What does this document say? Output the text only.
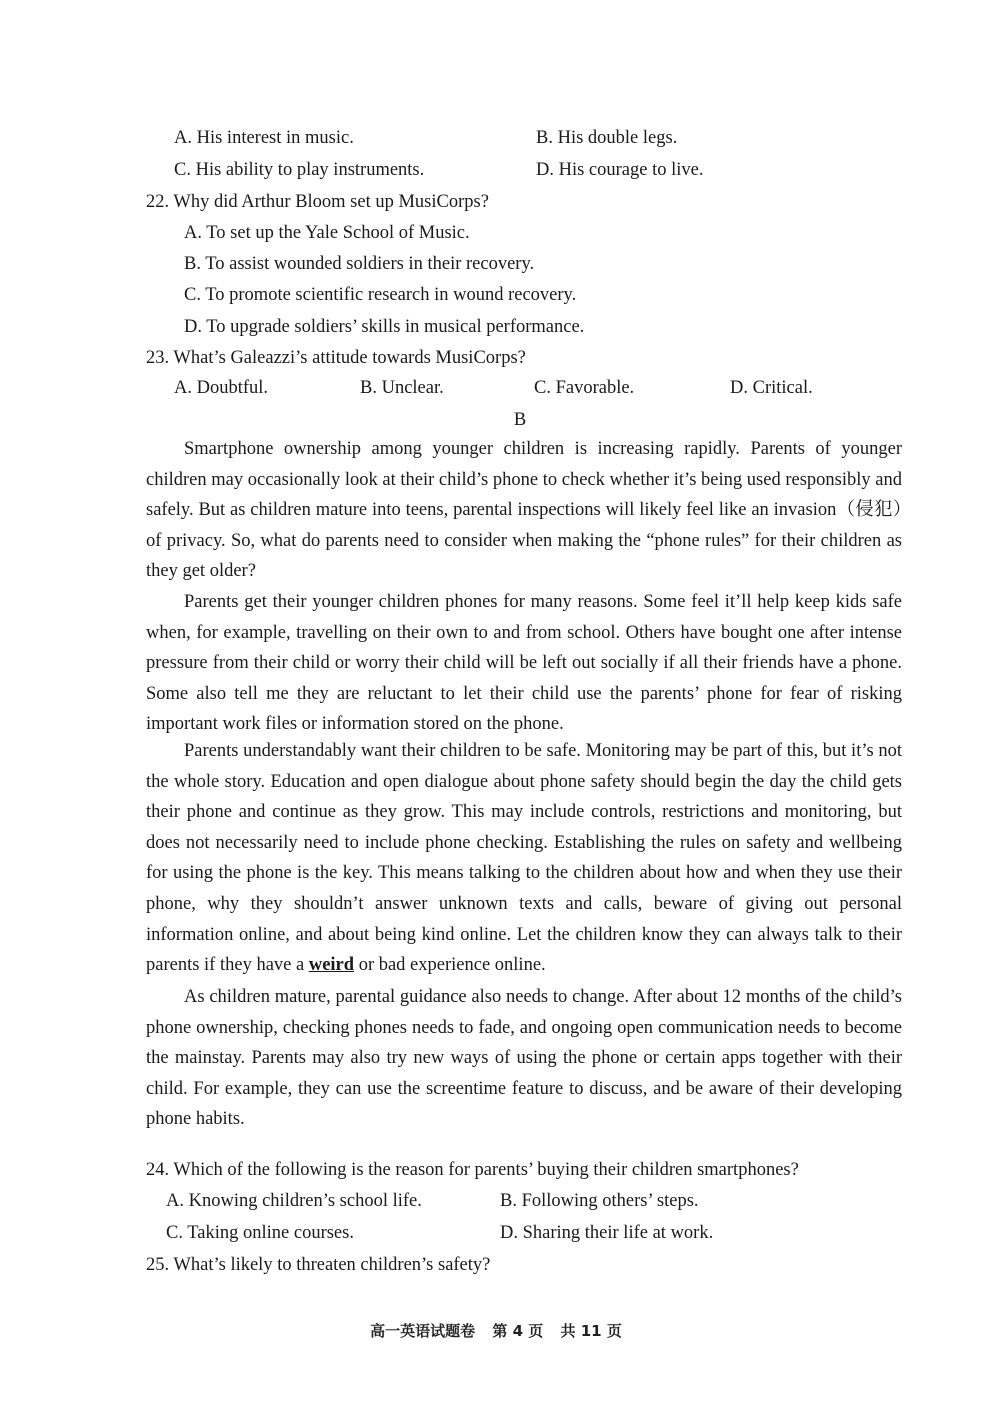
A. His interest in music.	B. His double legs.
C. His ability to play instruments.	D. His courage to live.
22. Why did Arthur Bloom set up MusiCorps?
A. To set up the Yale School of Music.
B. To assist wounded soldiers in their recovery.
C. To promote scientific research in wound recovery.
D. To upgrade soldiers’ skills in musical performance.
23. What’s Galeazzi’s attitude towards MusiCorps?
A. Doubtful.	B. Unclear.	C. Favorable.	D. Critical.
B
Smartphone ownership among younger children is increasing rapidly. Parents of younger children may occasionally look at their child’s phone to check whether it’s being used responsibly and safely. But as children mature into teens, parental inspections will likely feel like an invasion（侵犯）of privacy. So, what do parents need to consider when making the “phone rules” for their children as they get older?
Parents get their younger children phones for many reasons. Some feel it’ll help keep kids safe when, for example, travelling on their own to and from school. Others have bought one after intense pressure from their child or worry their child will be left out socially if all their friends have a phone. Some also tell me they are reluctant to let their child use the parents’ phone for fear of risking important work files or information stored on the phone.
Parents understandably want their children to be safe. Monitoring may be part of this, but it’s not the whole story. Education and open dialogue about phone safety should begin the day the child gets their phone and continue as they grow. This may include controls, restrictions and monitoring, but does not necessarily need to include phone checking. Establishing the rules on safety and wellbeing for using the phone is the key. This means talking to the children about how and when they use their phone, why they shouldn’t answer unknown texts and calls, beware of giving out personal information online, and about being kind online. Let the children know they can always talk to their parents if they have a weird or bad experience online.
As children mature, parental guidance also needs to change. After about 12 months of the child’s phone ownership, checking phones needs to fade, and ongoing open communication needs to become the mainstay. Parents may also try new ways of using the phone or certain apps together with their child. For example, they can use the screentime feature to discuss, and be aware of their developing phone habits.
24. Which of the following is the reason for parents’ buying their children smartphones?
A. Knowing children’s school life.	B. Following others’ steps.
C. Taking online courses.	D. Sharing their life at work.
25. What’s likely to threaten children’s safety?
高一英语试题卷 第 4 页 共 11 页
